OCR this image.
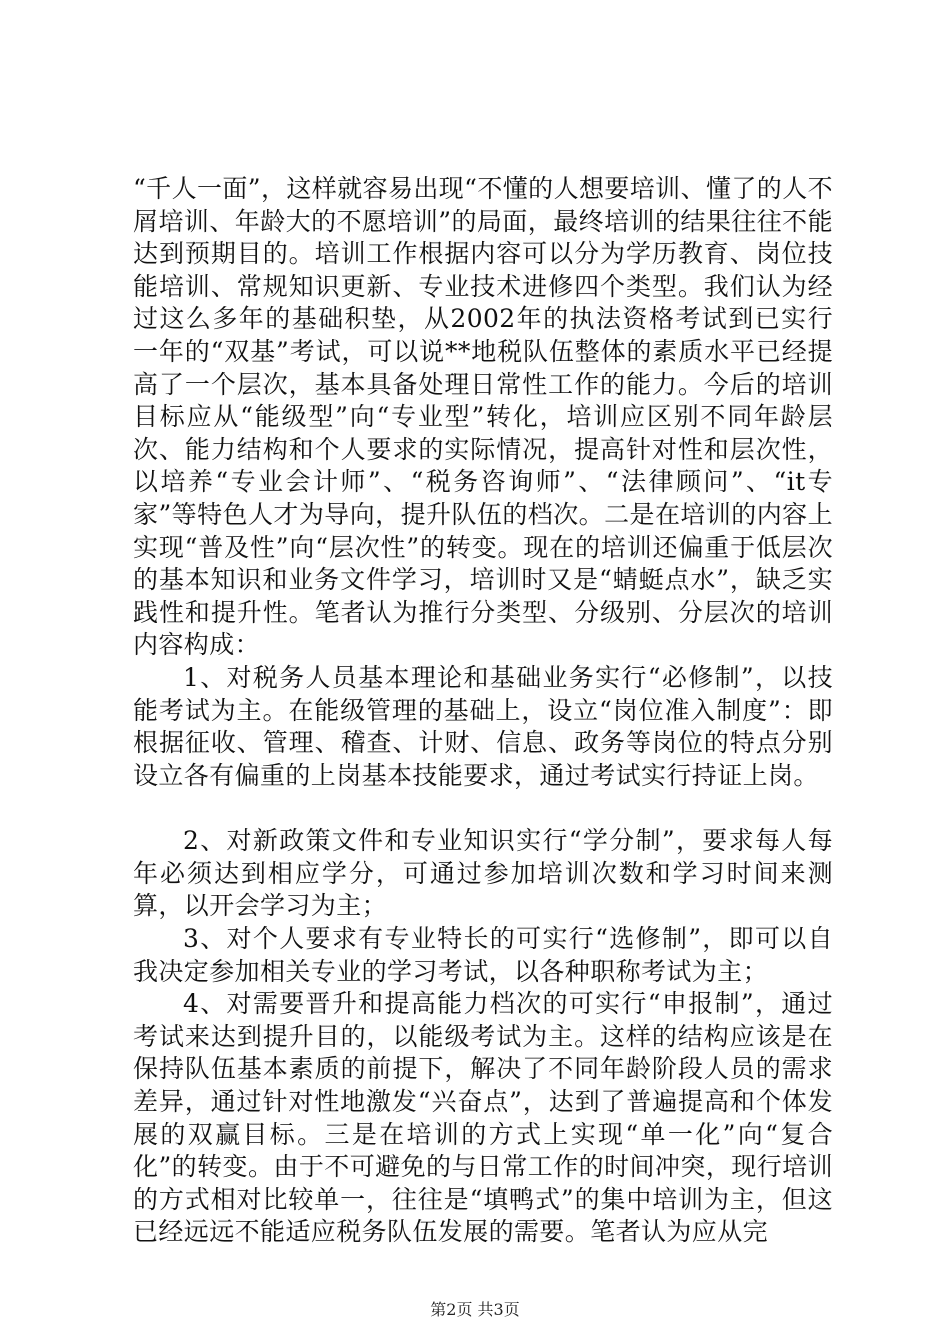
“千人一面”，这样就容易出现“不懂的人想要培训、懂了的人不屑培训、年龄大的不愿培训”的局面，最终培训的结果往往不能达到预期目的。培训工作根据内容可以分为学历教育、岗位技能培训、常规知识更新、专业技术进修四个类型。我们认为经过这么多年的基础积垫，从2002年的执法资格考试到已实行一年的“双基”考试，可以说**地税队伍整体的素质水平已经提高了一个层次，基本具备处理日常性工作的能力。今后的培训目标应从“能级型”向“专业型”转化，培训应区别不同年龄层次、能力结构和个人要求的实际情况，提高针对性和层次性，以培养“专业会计师”、“税务咨询师”、“法律顾问”、“it专家”等特色人才为导向，提升队伍的档次。二是在培训的内容上实现“普及性”向“层次性”的转变。现在的培训还偏重于低层次的基本知识和业务文件学习，培训时又是“蜻蜓点水”，缺乏实践性和提升性。笔者认为推行分类型、分级别、分层次的培训内容构成：

1、对税务人员基本理论和基础业务实行“必修制”，以技能考试为主。在能级管理的基础上，设立“岗位准入制度”：即根据征收、管理、稽查、计财、信息、政务等岗位的特点分别设立各有偏重的上岗基本技能要求，通过考试实行持证上岗。

2、对新政策文件和专业知识实行“学分制”，要求每人每年必须达到相应学分，可通过参加培训次数和学习时间来测算，以开会学习为主；

3、对个人要求有专业特长的可实行“选修制”，即可以自我决定参加相关专业的学习考试，以各种职称考试为主；

4、对需要晋升和提高能力档次的可实行“申报制”，通过考试来达到提升目的，以能级考试为主。这样的结构应该是在保持队伍基本素质的前提下，解决了不同年龄阶段人员的需求差异，通过针对性地激发“兴奋点”，达到了普遍提高和个体发展的双赢目标。三是在培训的方式上实现“单一化”向“复合化”的转变。由于不可避免的与日常工作的时间冲突，现行培训的方式相对比较单一，往往是“填鸭式”的集中培训为主，但这已经远远不能适应税务队伍发展的需要。笔者认为应从完

第2页 共3页
